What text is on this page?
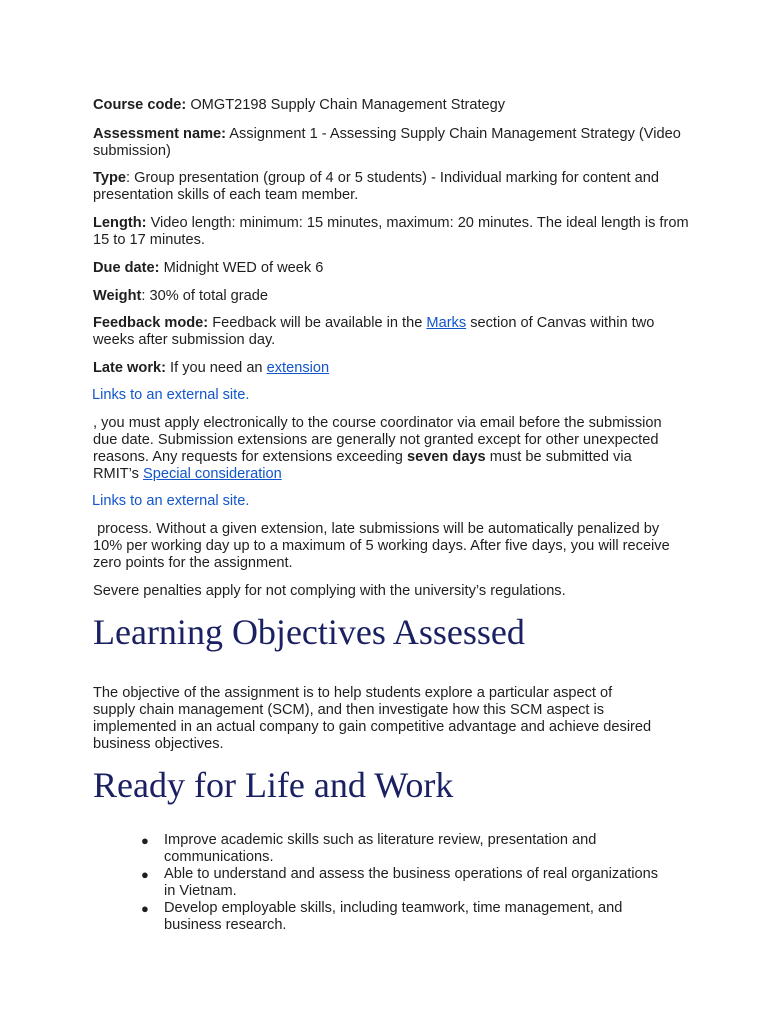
Course code: OMGT2198 Supply Chain Management Strategy

Assessment name: Assignment 1 - Assessing Supply Chain Management Strategy (Video submission)

Type: Group presentation (group of 4 or 5 students) - Individual marking for content and presentation skills of each team member.

Length: Video length: minimum: 15 minutes, maximum: 20 minutes. The ideal length is from 15 to 17 minutes.

Due date: Midnight WED of week 6

Weight: 30% of total grade

Feedback mode: Feedback will be available in the Marks section of Canvas within two weeks after submission day.

Late work: If you need an extension

Links to an external site.

, you must apply electronically to the course coordinator via email before the submission due date. Submission extensions are generally not granted except for other unexpected reasons. Any requests for extensions exceeding seven days must be submitted via RMIT’s Special consideration

Links to an external site.

process. Without a given extension, late submissions will be automatically penalized by 10% per working day up to a maximum of 5 working days. After five days, you will receive zero points for the assignment.

Severe penalties apply for not complying with the university’s regulations.

Learning Objectives Assessed

The objective of the assignment is to help students explore a particular aspect of supply chain management (SCM), and then investigate how this SCM aspect is implemented in an actual company to gain competitive advantage and achieve desired business objectives.

Ready for Life and Work
● Improve academic skills such as literature review, presentation and communications.
● Able to understand and assess the business operations of real organizations in Vietnam.
● Develop employable skills, including teamwork, time management, and business research.
